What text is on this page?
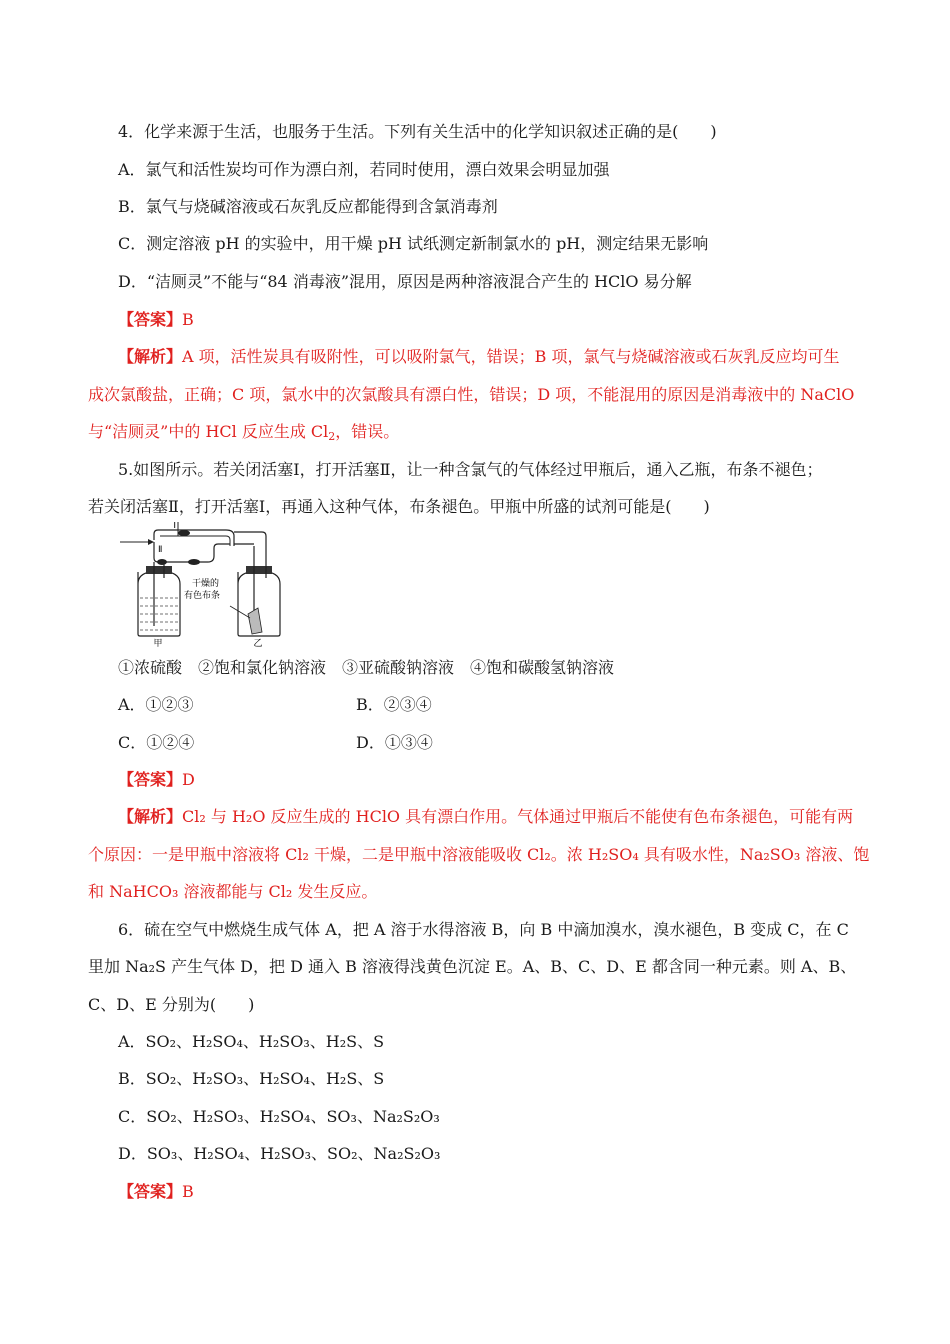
4．化学来源于生活，也服务于生活。下列有关生活中的化学知识叙述正确的是(　　)
A．氯气和活性炭均可作为漂白剂，若同时使用，漂白效果会明显加强
B．氯气与烧碱溶液或石灰乳反应都能得到含氯消毒剂
C．测定溶液 pH 的实验中，用干燥 pH 试纸测定新制氯水的 pH，测定结果无影响
D．“洁厕灵”不能与“84 消毒液”混用，原因是两种溶液混合产生的 HClO 易分解
【答案】B
【解析】A 项，活性炭具有吸附性，可以吸附氯气，错误；B 项，氯气与烧碱溶液或石灰乳反应均可生
成次氯酸盐，正确；C 项，氯水中的次氯酸具有漂白性，错误；D 项，不能混用的原因是消毒液中的 NaClO
与“洁厕灵”中的 HCl 反应生成 $Cl_2$，错误。
5.如图所示。若关闭活塞Ⅰ，打开活塞Ⅱ，让一种含氯气的气体经过甲瓶后，通入乙瓶，布条不褪色；
若关闭活塞Ⅱ，打开活塞Ⅰ，再通入这种气体，布条褪色。甲瓶中所盛的试剂可能是(　　)
Ⅰ
Ⅱ
甲
干燥的
有色布条
乙
①浓硫酸　②饱和氯化钠溶液　③亚硫酸钠溶液　④饱和碳酸氢钠溶液
A．①②③	B．②③④
C．①②④	D．①③④
【答案】D
【解析】Cl₂ 与 H₂O 反应生成的 HClO 具有漂白作用。气体通过甲瓶后不能使有色布条褪色，可能有两
个原因：一是甲瓶中溶液将 Cl₂ 干燥，二是甲瓶中溶液能吸收 Cl₂。浓 H₂SO₄ 具有吸水性，Na₂SO₃ 溶液、饱
和 NaHCO₃ 溶液都能与 Cl₂ 发生反应。
6．硫在空气中燃烧生成气体 A，把 A 溶于水得溶液 B，向 B 中滴加溴水，溴水褪色，B 变成 C，在 C
里加 Na₂S 产生气体 D，把 D 通入 B 溶液得浅黄色沉淀 E。A、B、C、D、E 都含同一种元素。则 A、B、
C、D、E 分别为(　　)
A．SO₂、H₂SO₄、H₂SO₃、H₂S、S
B．SO₂、H₂SO₃、H₂SO₄、H₂S、S
C．SO₂、H₂SO₃、H₂SO₄、SO₃、Na₂S₂O₃
D．SO₃、H₂SO₄、H₂SO₃、SO₂、Na₂S₂O₃
【答案】B
